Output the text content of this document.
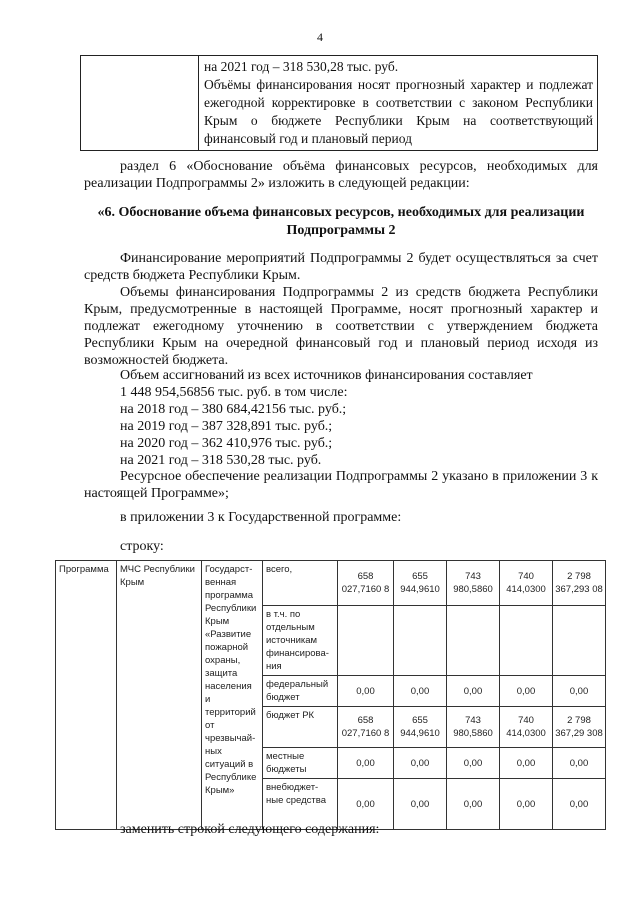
4

на 2021 год – 318 530,28 тыс. руб.
Объёмы финансирования носят прогнозный характер и подлежат ежегодной корректировке в соответствии с законом Республики Крым о бюджете Республики Крым на соответствующий финансовый год и плановый период

раздел 6 «Обоснование объёма финансовых ресурсов, необходимых для реализации Подпрограммы 2» изложить в следующей редакции:

«6. Обоснование объема финансовых ресурсов, необходимых для реализации Подпрограммы 2

Финансирование мероприятий Подпрограммы 2 будет осуществляться за счет средств бюджета Республики Крым.

Объемы финансирования Подпрограммы 2 из средств бюджета Республики Крым, предусмотренные в настоящей Программе, носят прогнозный характер и подлежат ежегодному уточнению в соответствии с утверждением бюджета Республики Крым на очередной финансовый год и плановый период исходя из возможностей бюджета.

Объем ассигнований из всех источников финансирования составляет

1 448 954,56856 тыс. руб. в том числе:

на 2018 год – 380 684,42156 тыс. руб.;

на 2019 год – 387 328,891 тыс. руб.;

на 2020 год – 362 410,976 тыс. руб.;

на 2021 год – 318 530,28 тыс. руб.

Ресурсное обеспечение реализации Подпрограммы 2 указано в приложении 3 к настоящей Программе»;

в приложении 3 к Государственной программе:

строку:

Программа	МЧС Республики Крым	Государст-венная программа Республики Крым «Развитие пожарной охраны, защита населения и территорий от чрезвычай-ных ситуаций в Республике Крым»	всего,	658 027,7160 8	655 944,9610	743 980,5860	740 414,0300	2 798 367,293 08
			в т.ч. по отдельным источникам финансирова-ния					
			федеральный бюджет	0,00	0,00	0,00	0,00	0,00
			бюджет РК	658 027,7160 8	655 944,9610	743 980,5860	740 414,0300	2 798 367,29 308
			местные бюджеты	0,00	0,00	0,00	0,00	0,00
			внебюджет-ные средства	0,00	0,00	0,00	0,00	0,00

заменить строкой следующего содержания:
